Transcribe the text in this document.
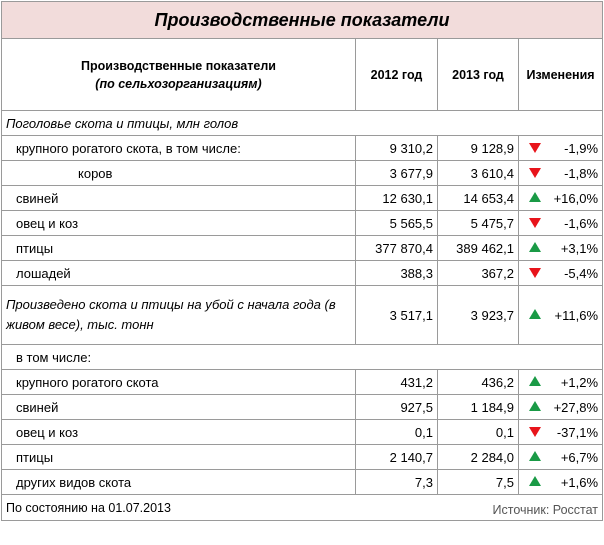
Производственные показатели			

Производственные показатели
(по сельхозорганизациям)	2012 год	2013 год	Изменения
Поголовье скота и птицы, млн голов			
крупного рогатого скота, в том числе:	9 310,2	9 128,9	-1,9%
коров	3 677,9	3 610,4	-1,8%
свиней	12 630,1	14 653,4	+16,0%
овец и коз	5 565,5	5 475,7	-1,6%
птицы	377 870,4	389 462,1	+3,1%
лошадей	388,3	367,2	-5,4%
Произведено скота и птицы на убой с начала года (в живом весе), тыс. тонн	3 517,1	3 923,7	+11,6%
в том числе:			
крупного рогатого скота	431,2	436,2	+1,2%
свиней	927,5	1 184,9	+27,8%
овец и коз	0,1	0,1	-37,1%
птицы	2 140,7	2 284,0	+6,7%
других видов скота	7,3	7,5	+1,6%
По состоянию на 01.07.2013		Источник: Росстат	
